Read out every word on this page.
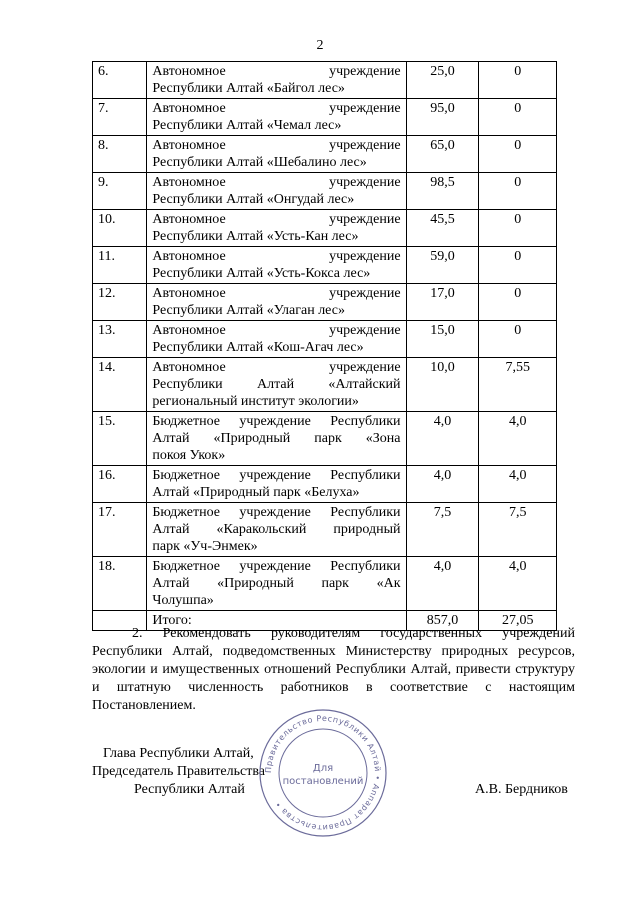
2
6.	Автономное учреждение
Республики Алтай «Байгол лес»	25,0	0
7.	Автономное учреждение
Республики Алтай «Чемал лес»	95,0	0
8.	Автономное учреждение
Республики Алтай «Шебалино лес»	65,0	0
9.	Автономное учреждение
Республики Алтай «Онгудай лес»	98,5	0
10.	Автономное учреждение
Республики Алтай «Усть-Кан лес»	45,5	0
11.	Автономное учреждение
Республики Алтай «Усть-Кокса лес»	59,0	0
12.	Автономное учреждение
Республики Алтай «Улаган лес»	17,0	0
13.	Автономное учреждение
Республики Алтай «Кош-Агач лес»	15,0	0
14.	Автономное учреждение
Республики Алтай «Алтайский
региональный институт экологии»	10,0	7,55
15.	Бюджетное учреждение Республики
Алтай «Природный парк «Зона
покоя Укок»	4,0	4,0
16.	Бюджетное учреждение Республики
Алтай «Природный парк «Белуха»	4,0	4,0
17.	Бюджетное учреждение Республики
Алтай «Каракольский природный
парк «Уч-Энмек»	7,5	7,5
18.	Бюджетное учреждение Республики
Алтай «Природный парк «Ак
Чолушпа»	4,0	4,0
	Итого:	857,0	27,05
2. Рекомендовать руководителям государственных учреждений Республики Алтай, подведомственных Министерству природных ресурсов, экологии и имущественных отношений Республики Алтай, привести структуру и штатную численность работников в соответствие с настоящим Постановлением.
Глава Республики Алтай,
Председатель Правительства
Республики Алтай	А.В. Бердников
Правительство Республики Алтай • Аппарат Правительства •
Для
постановлений
